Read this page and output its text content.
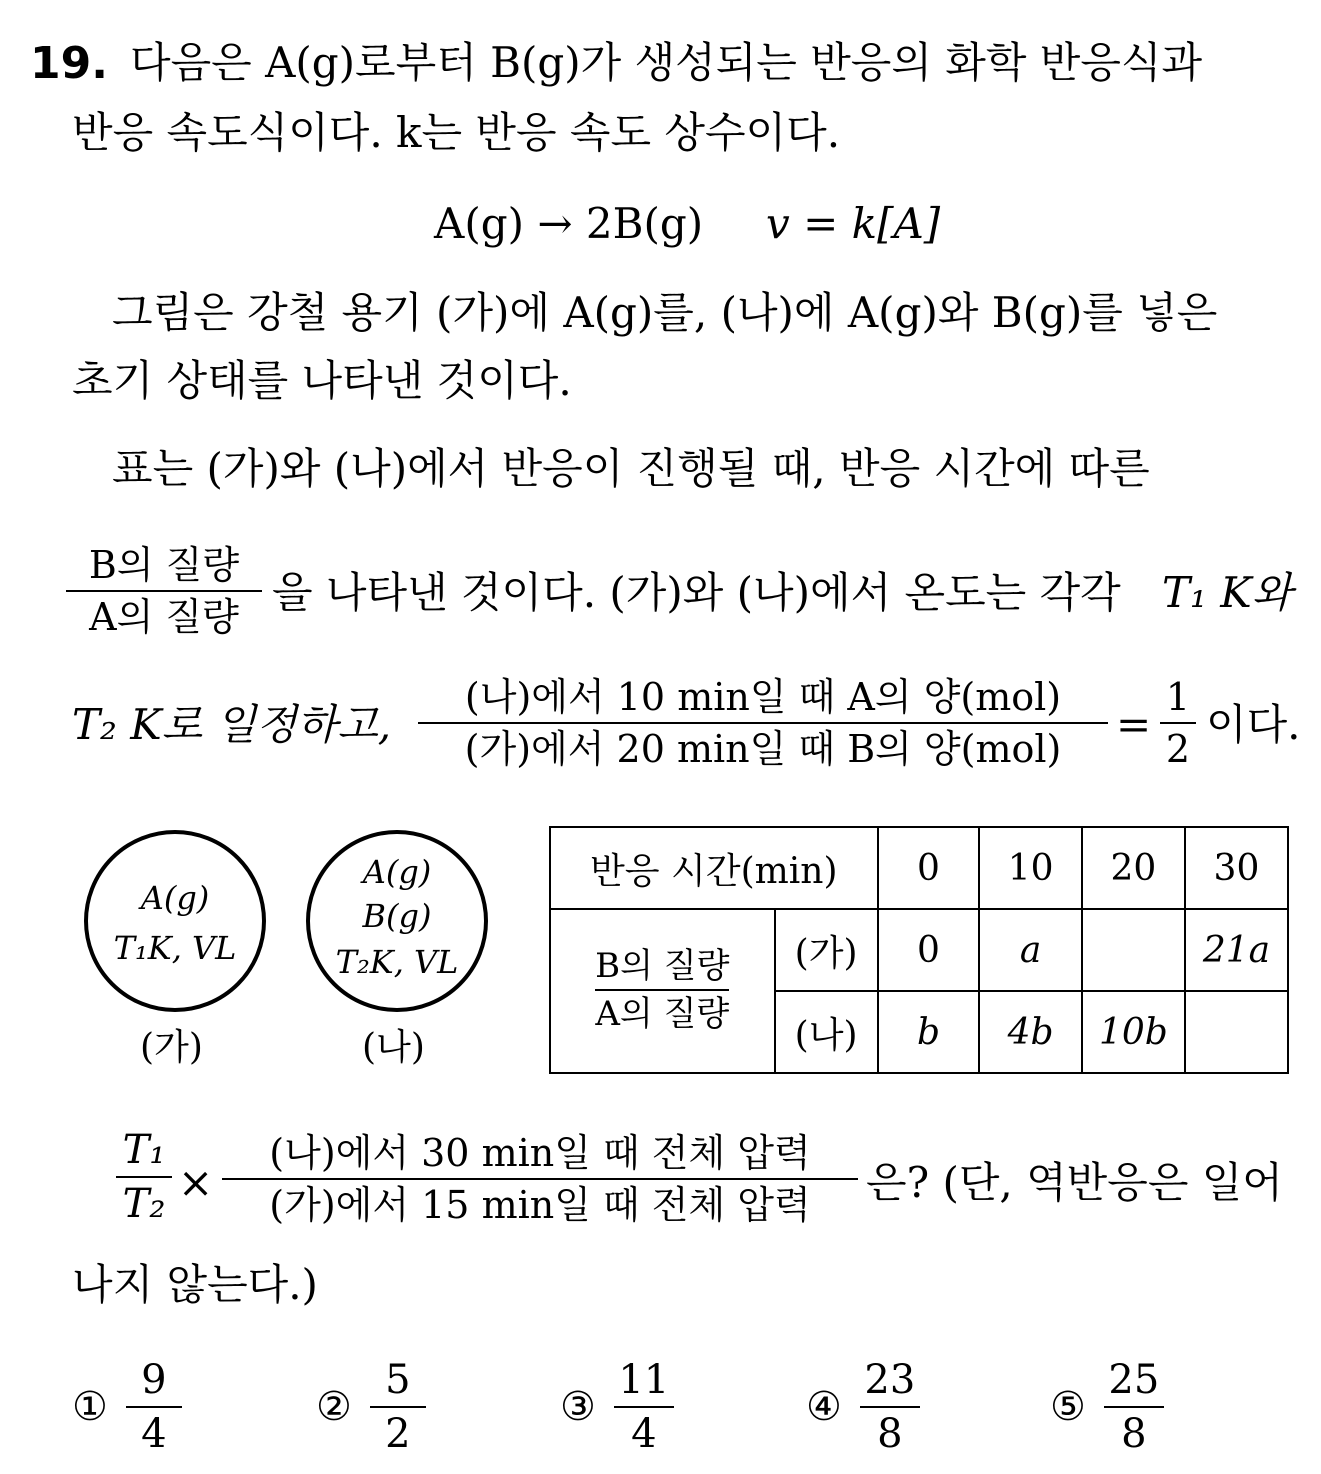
19. 다음은 A(g)로부터 B(g)가 생성되는 반응의 화학 반응식과
반응 속도식이다. k는 반응 속도 상수이다.
A(g) → 2B(g) v = k[A]
그림은 강철 용기 (가)에 A(g)를, (나)에 A(g)와 B(g)를 넣은
초기 상태를 나타낸 것이다.
표는 (가)와 (나)에서 반응이 진행될 때, 반응 시간에 따른
B의 질량
A의 질량 을 나타낸 것이다. (가)와 (나)에서 온도는 각각 T₁ K와
T₂ K로 일정하고,
(나)에서 10 min일 때 A의 양(mol)
(가)에서 20 min일 때 B의 양(mol)	=
1
2 이다.
A(g)
T₁K, VL
(가)
A(g)
B(g)
T₂K, VL
(나)
반응 시간(min)		0	10	20	30

B의 질량
A의 질량	(가)	0	a		21a
	(나)	b	4b	10b	
T₁
T₂ ×
(나)에서 30 min일 때 전체 압력
(가)에서 15 min일 때 전체 압력	은? (단, 역반응은 일어
나지 않는다.)
①
9
4
②
5
2
③
11
4
④
23
8
⑤
25
8
